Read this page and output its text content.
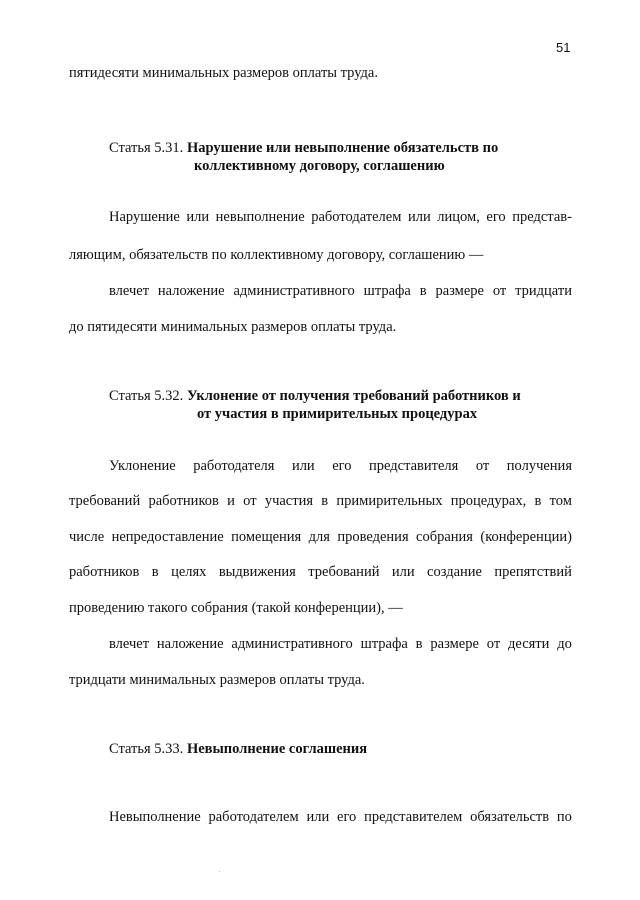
51
пятидесяти минимальных размеров оплаты труда.
Статья 5.31. Нарушение или невыполнение обязательств по
коллективному договору, соглашению
Нарушение или невыполнение работодателем или лицом, его представ-
ляющим, обязательств по коллективному договору, соглашению —
влечет наложение административного штрафа в размере от тридцати
до пятидесяти минимальных размеров оплаты труда.
Статья 5.32. Уклонение от получения требований работников и
от участия в примирительных процедурах
Уклонение работодателя или его представителя от получения
требований работников и от участия в примирительных процедурах, в том
числе непредоставление помещения для проведения собрания (конференции)
работников в целях выдвижения требований или создание препятствий
проведению такого собрания (такой конференции), —
влечет наложение административного штрафа в размере от десяти до
тридцати минимальных размеров оплаты труда.
Статья 5.33. Невыполнение соглашения
Невыполнение работодателем или его представителем обязательств по
